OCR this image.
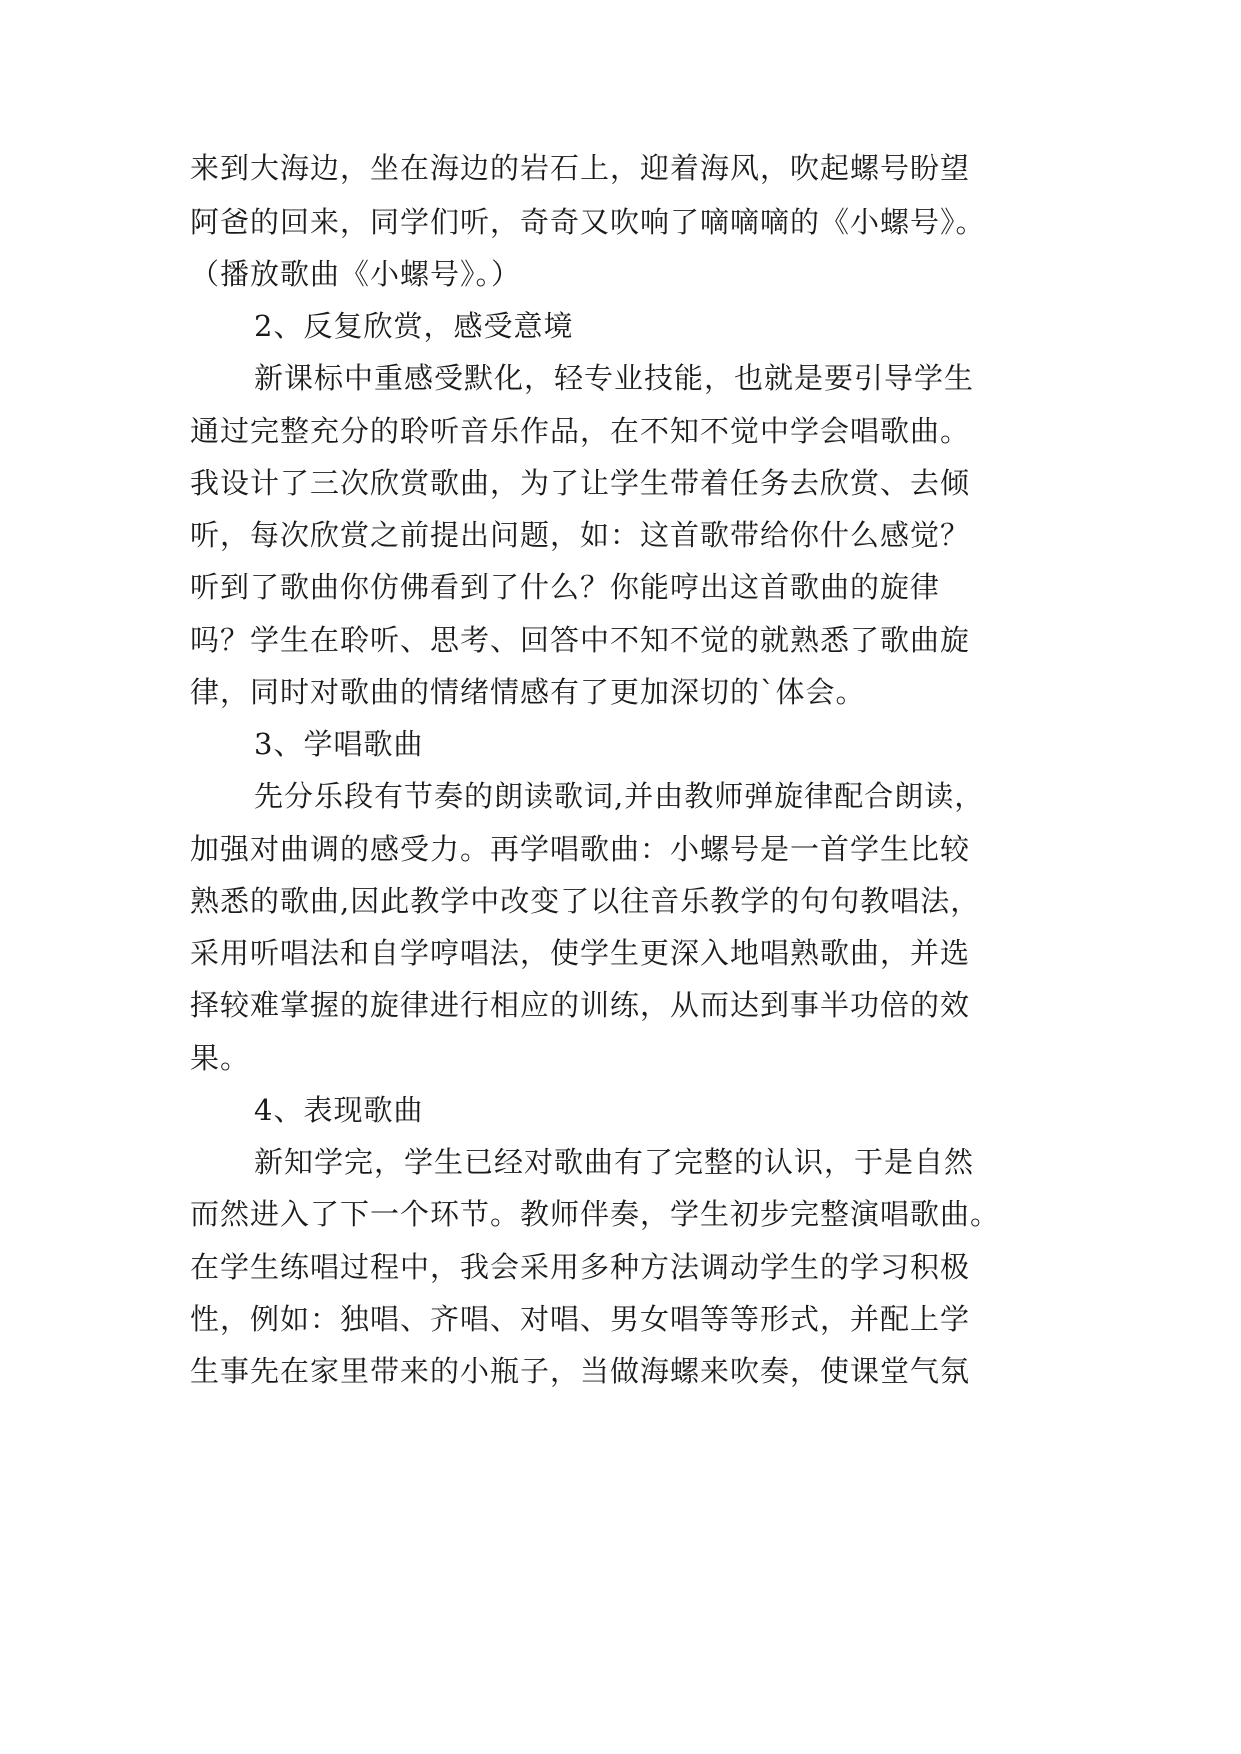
来到大海边，坐在海边的岩石上，迎着海风，吹起螺号盼望
阿爸的回来，同学们听，奇奇又吹响了嘀嘀嘀的《小螺号》。
（播放歌曲《小螺号》。）
2、反复欣赏，感受意境
新课标中重感受默化，轻专业技能，也就是要引导学生
通过完整充分的聆听音乐作品，在不知不觉中学会唱歌曲。
我设计了三次欣赏歌曲，为了让学生带着任务去欣赏、去倾
听，每次欣赏之前提出问题，如：这首歌带给你什么感觉？
听到了歌曲你仿佛看到了什么？你能哼出这首歌曲的旋律
吗？学生在聆听、思考、回答中不知不觉的就熟悉了歌曲旋
律，同时对歌曲的情绪情感有了更加深切的`体会。
3、学唱歌曲
先分乐段有节奏的朗读歌词,并由教师弹旋律配合朗读，
加强对曲调的感受力。再学唱歌曲：小螺号是一首学生比较
熟悉的歌曲,因此教学中改变了以往音乐教学的句句教唱法，
采用听唱法和自学哼唱法，使学生更深入地唱熟歌曲，并选
择较难掌握的旋律进行相应的训练，从而达到事半功倍的效
果。
4、表现歌曲
新知学完，学生已经对歌曲有了完整的认识，于是自然
而然进入了下一个环节。教师伴奏，学生初步完整演唱歌曲。
在学生练唱过程中，我会采用多种方法调动学生的学习积极
性，例如：独唱、齐唱、对唱、男女唱等等形式，并配上学
生事先在家里带来的小瓶子，当做海螺来吹奏，使课堂气氛
